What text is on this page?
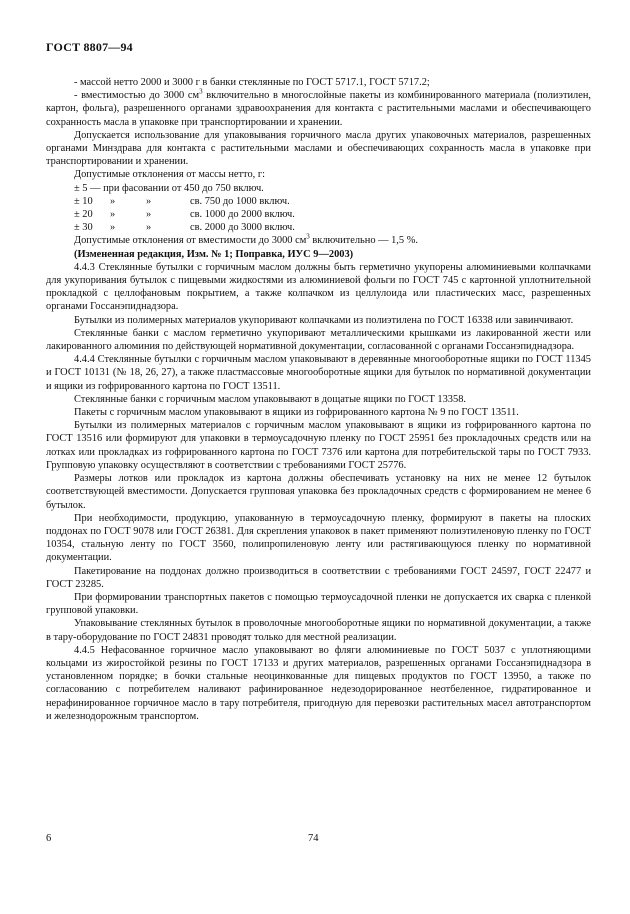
ГОСТ 8807—94

- массой нетто 2000 и 3000 г в банки стеклянные по ГОСТ 5717.1, ГОСТ 5717.2;

- вместимостью до 3000 $см^3$ включительно в многослойные пакеты из комбинированного материала (полиэтилен, картон, фольга), разрешенного органами здравоохранения для контакта с растительными маслами и обеспечивающего сохранность масла в упаковке при транспортировании и хранении.

Допускается использование для упаковывания горчичного масла других упаковочных материалов, разрешенных органами Минздрава для контакта с растительными маслами и обеспечивающих сохранность масла в упаковке при транспортировании и хранении.

Допустимые отклонения от массы нетто, г:

± 5 — при фасовании от 450 до 750 включ.

± 10	»	»	св. 750 до 1000 включ.
± 20	»	»	св. 1000 до 2000 включ.
± 30	»	»	св. 2000 до 3000 включ.

Допустимые отклонения от вместимости до 3000 $см^3$ включительно — 1,5 %.

(Измененная редакция, Изм. № 1; Поправка, ИУС 9—2003)

4.4.3 Стеклянные бутылки с горчичным маслом должны быть герметично укупорены алюминиевыми колпачками для укупоривания бутылок с пищевыми жидкостями из алюминиевой фольги по ГОСТ 745 с картонной уплотнительной прокладкой с целлофановым покрытием, а также колпачком из целлулоида или пластических масс, разрешенных органами Госсанэпиднадзора.

Бутылки из полимерных материалов укупоривают колпачками из полиэтилена по ГОСТ 16338 или завинчивают.

Стеклянные банки с маслом герметично укупоривают металлическими крышками из лакированной жести или лакированного алюминия по действующей нормативной документации, согласованной с органами Госсанэпиднадзора.

4.4.4 Стеклянные бутылки с горчичным маслом упаковывают в деревянные многооборотные ящики по ГОСТ 11345 и ГОСТ 10131 (№ 18, 26, 27), а также пластмассовые многооборотные ящики для бутылок по нормативной документации и ящики из гофрированного картона по ГОСТ 13511.

Стеклянные банки с горчичным маслом упаковывают в дощатые ящики по ГОСТ 13358.

Пакеты с горчичным маслом упаковывают в ящики из гофрированного картона № 9 по ГОСТ 13511.

Бутылки из полимерных материалов с горчичным маслом упаковывают в ящики из гофрированного картона по ГОСТ 13516 или формируют для упаковки в термоусадочную пленку по ГОСТ 25951 без прокладочных средств или на лотках или прокладках из гофрированного картона по ГОСТ 7376 или картона для потребительской тары по ГОСТ 7933. Групповую упаковку осуществляют в соответствии с требованиями ГОСТ 25776.

Размеры лотков или прокладок из картона должны обеспечивать установку на них не менее 12 бутылок соответствующей вместимости. Допускается групповая упаковка без прокладочных средств с формированием не менее 6 бутылок.

При необходимости, продукцию, упакованную в термоусадочную пленку, формируют в пакеты на плоских поддонах по ГОСТ 9078 или ГОСТ 26381. Для скрепления упаковок в пакет применяют полиэтиленовую пленку по ГОСТ 10354, стальную ленту по ГОСТ 3560, полипропиленовую ленту или растягивающуюся пленку по нормативной документации.

Пакетирование на поддонах должно производиться в соответствии с требованиями ГОСТ 24597, ГОСТ 22477 и ГОСТ 23285.

При формировании транспортных пакетов с помощью термоусадочной пленки не допускается их сварка с пленкой групповой упаковки.

Упаковывание стеклянных бутылок в проволочные многооборотные ящики по нормативной документации, а также в тару-оборудование по ГОСТ 24831 проводят только для местной реализации.

4.4.5 Нефасованное горчичное масло упаковывают во фляги алюминиевые по ГОСТ 5037 с уплотняющими кольцами из жиростойкой резины по ГОСТ 17133 и других материалов, разрешенных органами Госсанэпиднадзора в установленном порядке; в бочки стальные неоцинкованные для пищевых продуктов по ГОСТ 13950, а также по согласованию с потребителем наливают рафинированное недезодорированное неотбеленное, гидратированное и нерафинированное горчичное масло в тару потребителя, пригодную для перевозки растительных масел автотранспортом и железнодорожным транспортом.

6	74
